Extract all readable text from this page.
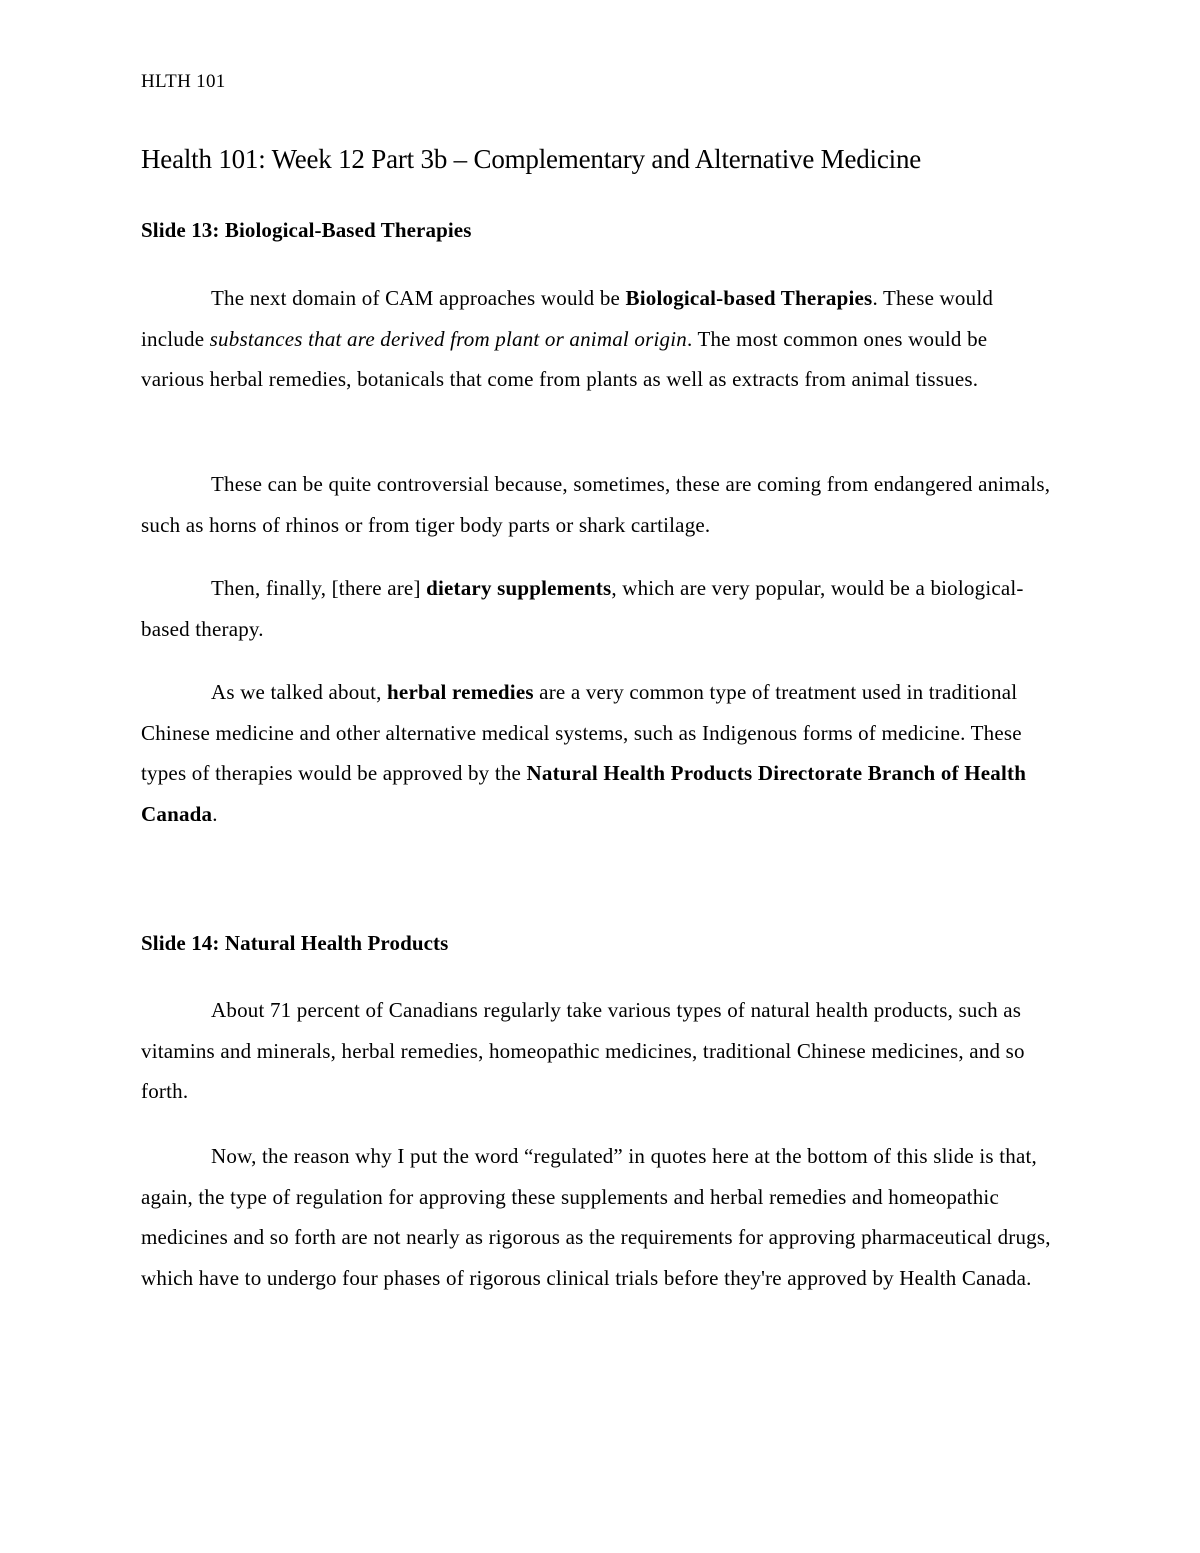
HLTH 101
Health 101: Week 12 Part 3b – Complementary and Alternative Medicine
Slide 13: Biological-Based Therapies

The next domain of CAM approaches would be Biological-based Therapies. These would include substances that are derived from plant or animal origin. The most common ones would be various herbal remedies, botanicals that come from plants as well as extracts from animal tissues.

These can be quite controversial because, sometimes, these are coming from endangered animals, such as horns of rhinos or from tiger body parts or shark cartilage.

Then, finally, [there are] dietary supplements, which are very popular, would be a biological-based therapy.

As we talked about, herbal remedies are a very common type of treatment used in traditional Chinese medicine and other alternative medical systems, such as Indigenous forms of medicine. These types of therapies would be approved by the Natural Health Products Directorate Branch of Health Canada.

Slide 14: Natural Health Products

About 71 percent of Canadians regularly take various types of natural health products, such as vitamins and minerals, herbal remedies, homeopathic medicines, traditional Chinese medicines, and so forth.

Now, the reason why I put the word “regulated” in quotes here at the bottom of this slide is that, again, the type of regulation for approving these supplements and herbal remedies and homeopathic medicines and so forth are not nearly as rigorous as the requirements for approving pharmaceutical drugs, which have to undergo four phases of rigorous clinical trials before they're approved by Health Canada.
